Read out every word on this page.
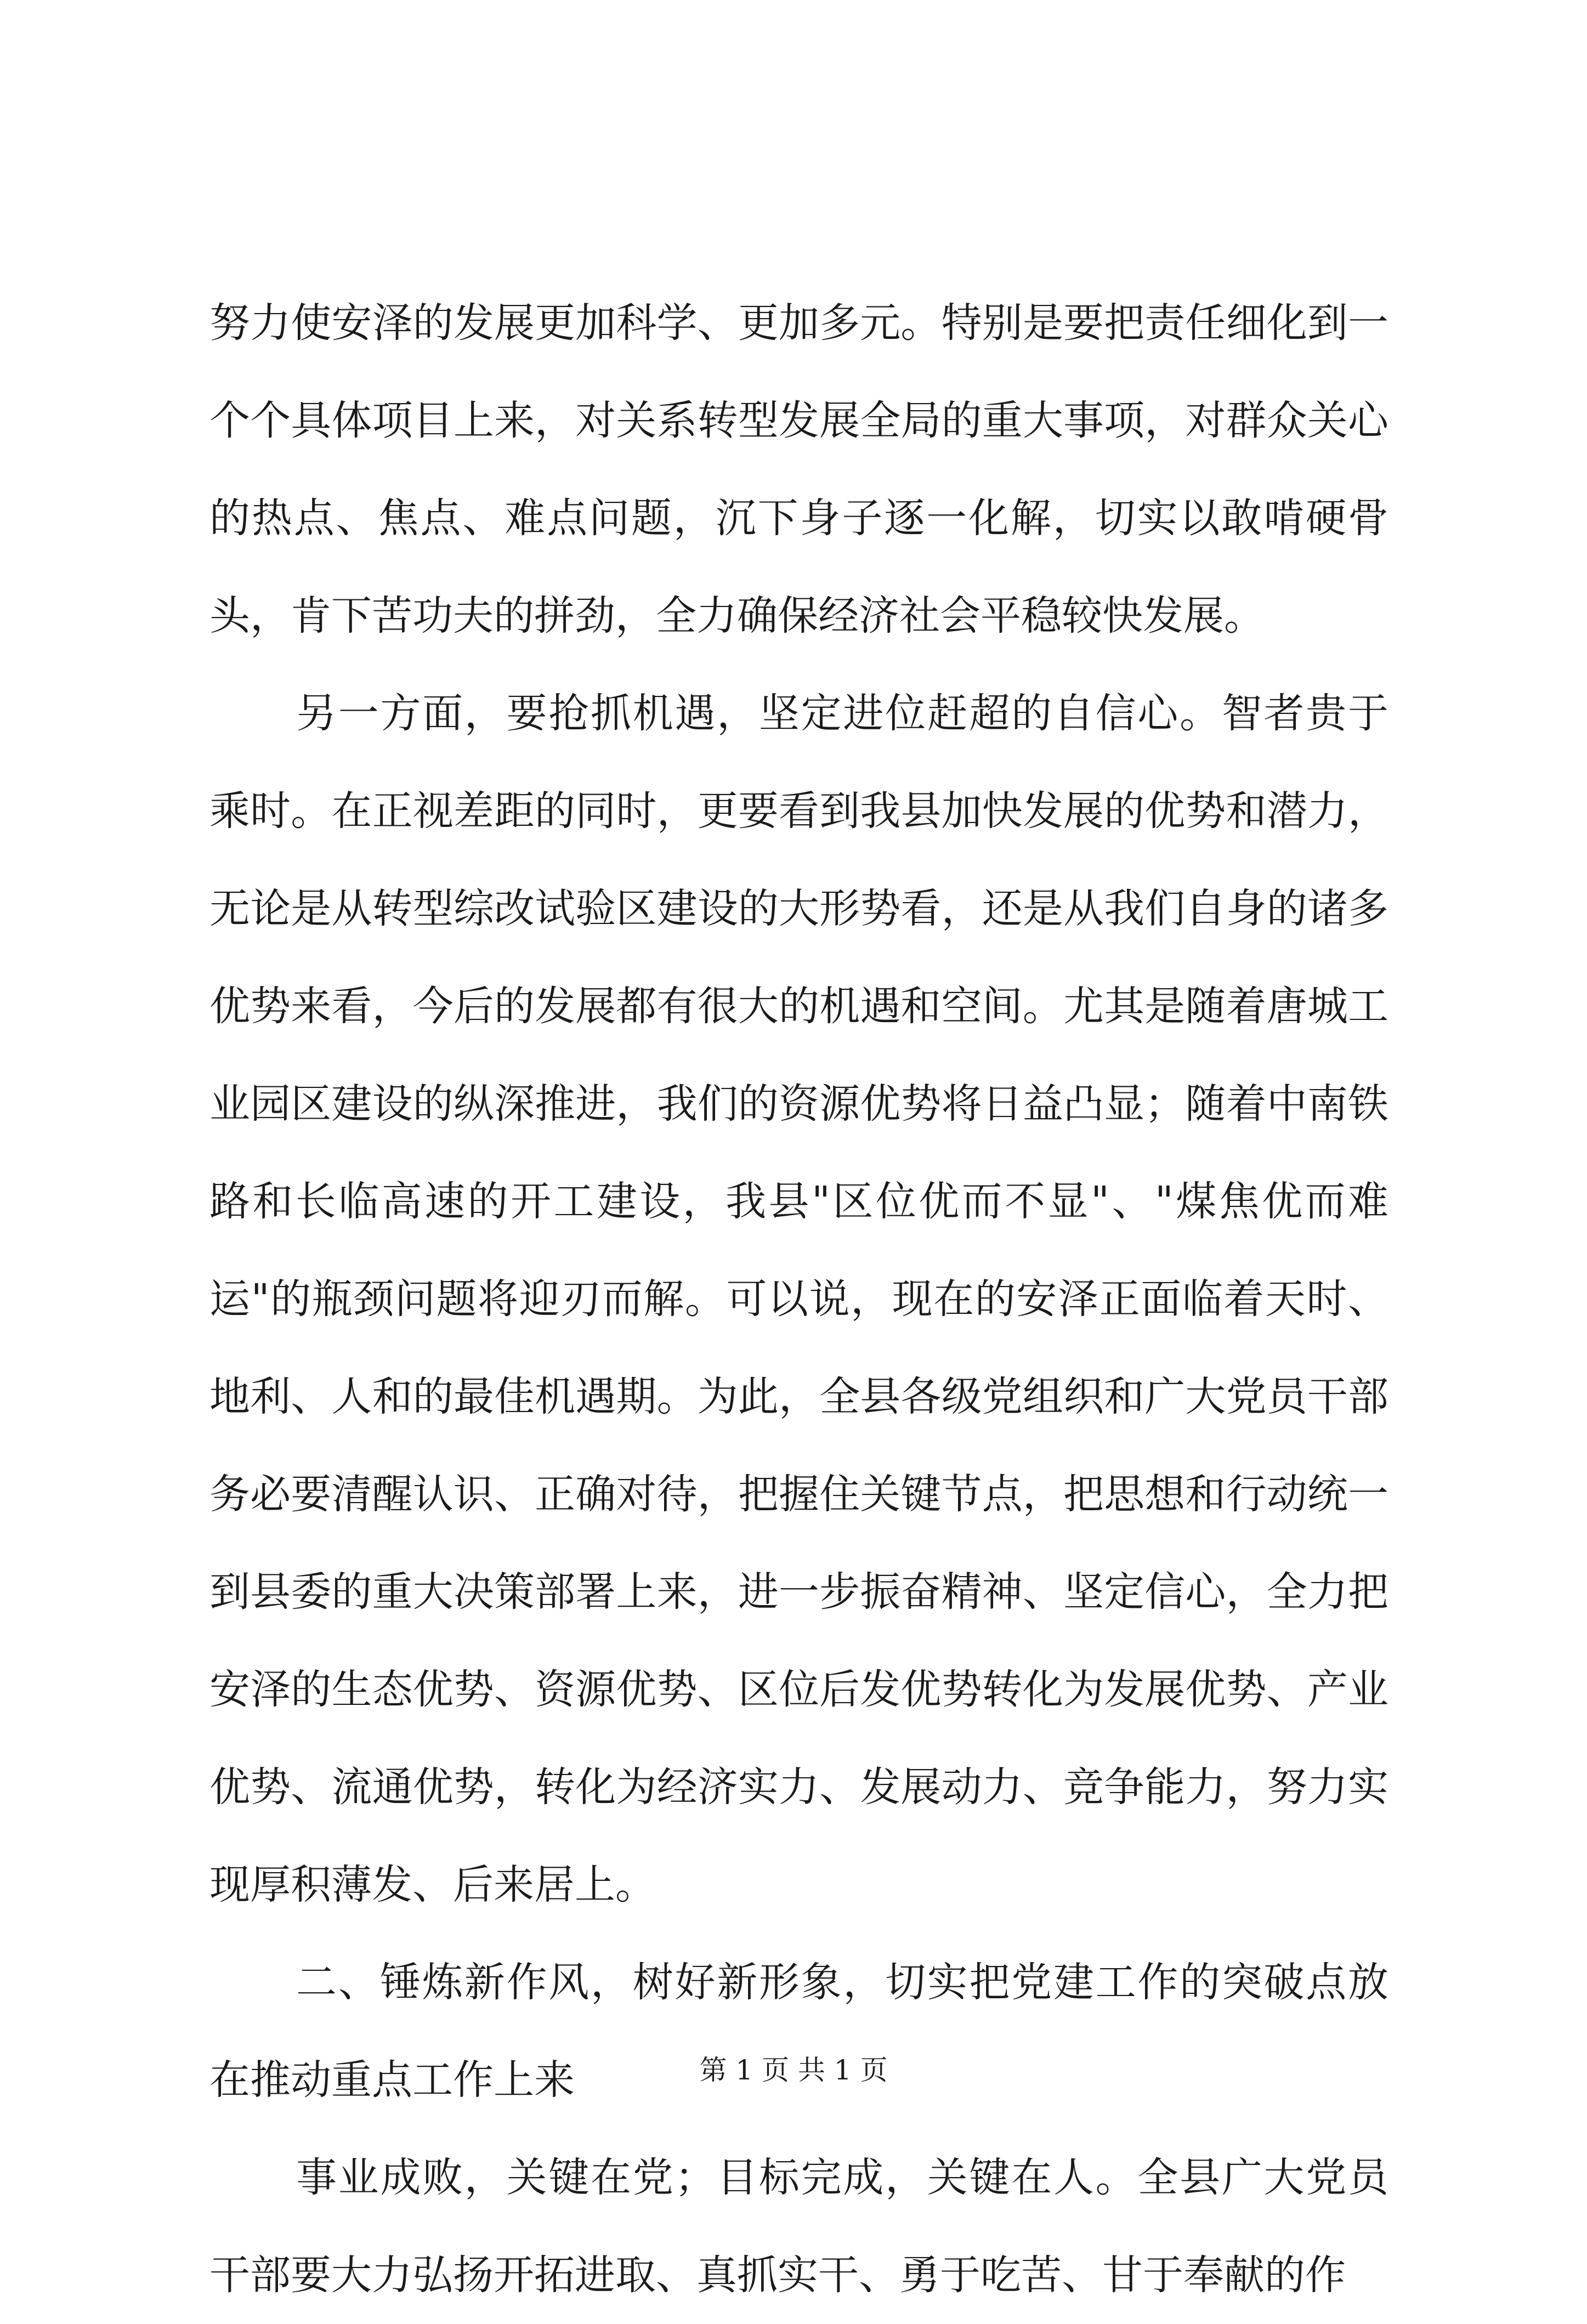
努力使安泽的发展更加科学、更加多元。特别是要把责任细化到一个个具体项目上来，对关系转型发展全局的重大事项，对群众关心的热点、焦点、难点问题，沉下身子逐一化解，切实以敢啃硬骨头，肯下苦功夫的拼劲，全力确保经济社会平稳较快发展。

另一方面，要抢抓机遇，坚定进位赶超的自信心。智者贵于乘时。在正视差距的同时，更要看到我县加快发展的优势和潜力，无论是从转型综改试验区建设的大形势看，还是从我们自身的诸多优势来看，今后的发展都有很大的机遇和空间。尤其是随着唐城工业园区建设的纵深推进，我们的资源优势将日益凸显；随着中南铁路和长临高速的开工建设，我县"区位优而不显"、"煤焦优而难运"的瓶颈问题将迎刃而解。可以说，现在的安泽正面临着天时、地利、人和的最佳机遇期。为此，全县各级党组织和广大党员干部务必要清醒认识、正确对待，把握住关键节点，把思想和行动统一到县委的重大决策部署上来，进一步振奋精神、坚定信心，全力把安泽的生态优势、资源优势、区位后发优势转化为发展优势、产业优势、流通优势，转化为经济实力、发展动力、竞争能力，努力实现厚积薄发、后来居上。

二、锤炼新作风，树好新形象，切实把党建工作的突破点放在推动重点工作上来

事业成败，关键在党；目标完成，关键在人。全县广大党员干部要大力弘扬开拓进取、真抓实干、勇于吃苦、甘于奉献的作

第 1 页 共 1 页
